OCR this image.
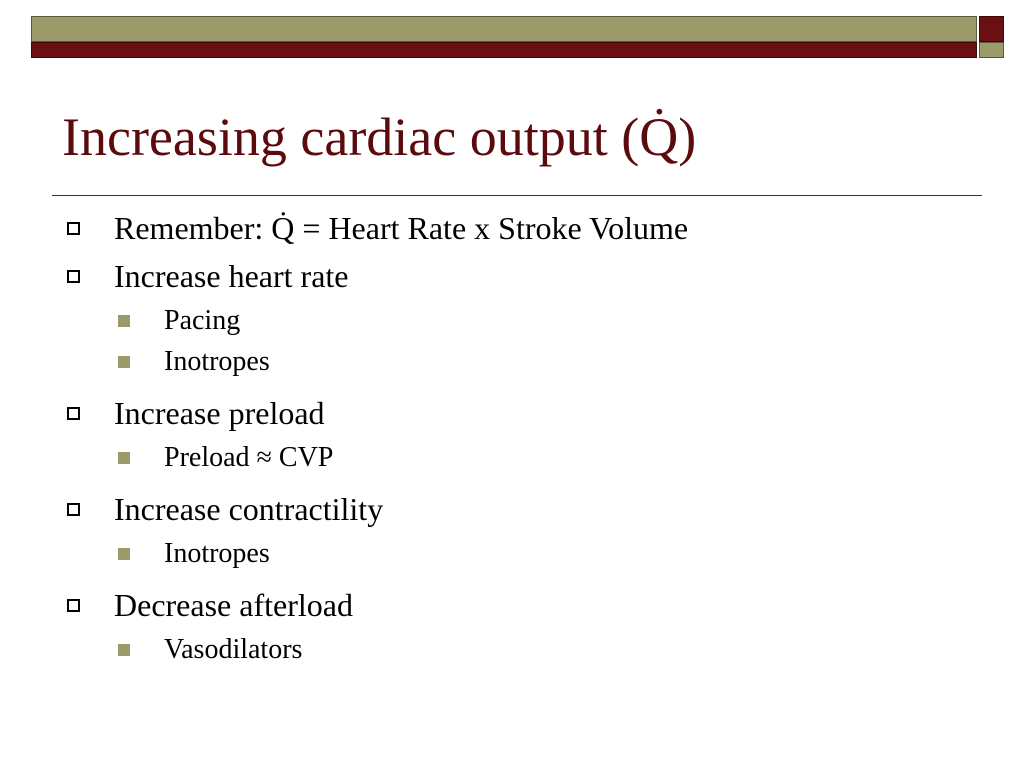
Increasing cardiac output (Q̇)
Remember: Q̇ = Heart Rate x Stroke Volume
Increase heart rate
Pacing
Inotropes
Increase preload
Preload ≈ CVP
Increase contractility
Inotropes
Decrease afterload
Vasodilators
